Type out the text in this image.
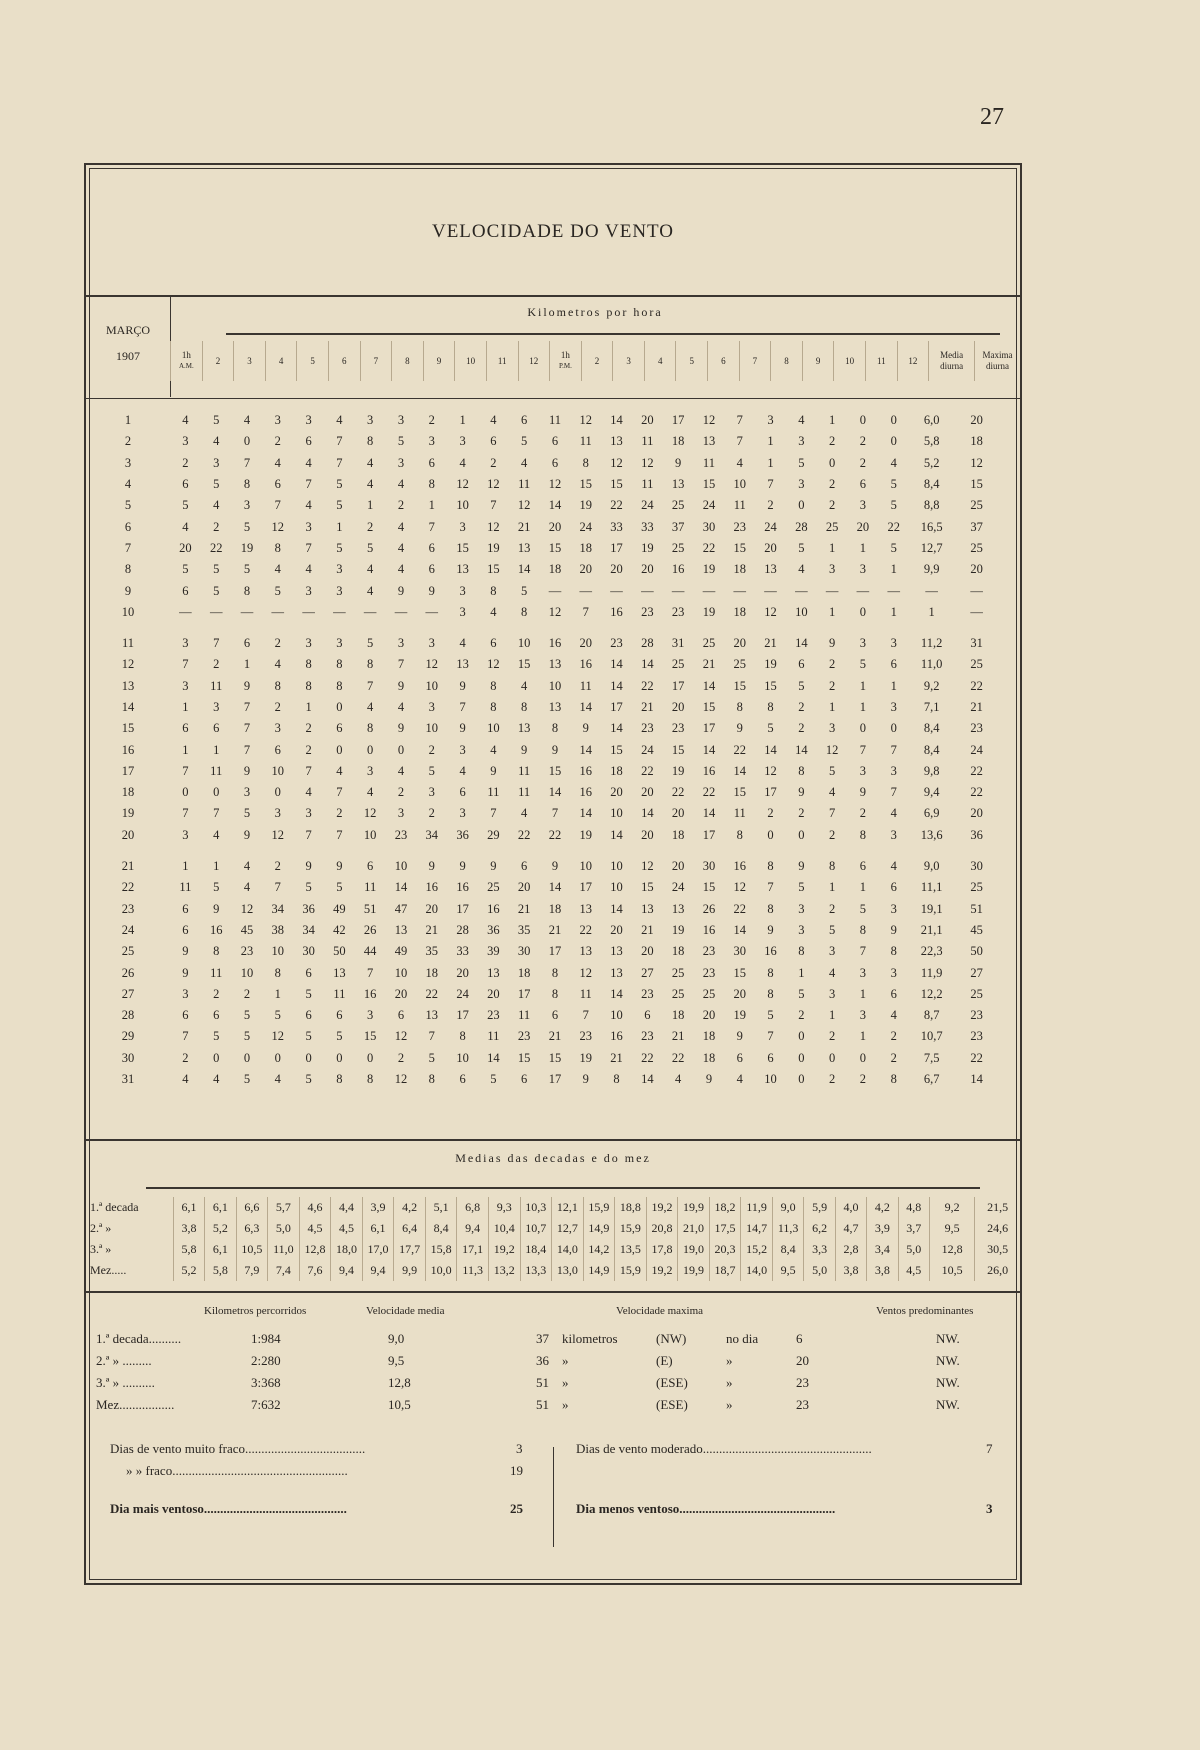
27
VELOCIDADE DO VENTO
MARÇO
1907
Kilometros por hora
1h
A.M.

2	3	4	5	6	7	8	9	10	11	12

1h
P.M.

2	3	4	5	6	7	8	9	10	11	12
	Media diurna	Maxima diurna
1	4	5	4	3	3	4	3	3	2	1	4	6	11	12	14	20	17	12	7	3	4	1	0	0	6,0	20
2	3	4	0	2	6	7	8	5	3	3	6	5	6	11	13	11	18	13	7	1	3	2	2	0	5,8	18
3	2	3	7	4	4	7	4	3	6	4	2	4	6	8	12	12	9	11	4	1	5	0	2	4	5,2	12
4	6	5	8	6	7	5	4	4	8	12	12	11	12	15	15	11	13	15	10	7	3	2	6	5	8,4	15
5	5	4	3	7	4	5	1	2	1	10	7	12	14	19	22	24	25	24	11	2	0	2	3	5	8,8	25
6	4	2	5	12	3	1	2	4	7	3	12	21	20	24	33	33	37	30	23	24	28	25	20	22	16,5	37
7	20	22	19	8	7	5	5	4	6	15	19	13	15	18	17	19	25	22	15	20	5	1	1	5	12,7	25
8	5	5	5	4	4	3	4	4	6	13	15	14	18	20	20	20	16	19	18	13	4	3	3	1	9,9	20
9	6	5	8	5	3	3	4	9	9	3	8	5	—	—	—	—	—	—	—	—	—	—	—	—	—	—
10	—	—	—	—	—	—	—	—	—	3	4	8	12	7	16	23	23	19	18	12	10	1	0	1	1	—

11	3	7	6	2	3	3	5	3	3	4	6	10	16	20	23	28	31	25	20	21	14	9	3	3	11,2	31
12	7	2	1	4	8	8	8	7	12	13	12	15	13	16	14	14	25	21	25	19	6	2	5	6	11,0	25
13	3	11	9	8	8	8	7	9	10	9	8	4	10	11	14	22	17	14	15	15	5	2	1	1	9,2	22
14	1	3	7	2	1	0	4	4	3	7	8	8	13	14	17	21	20	15	8	8	2	1	1	3	7,1	21
15	6	6	7	3	2	6	8	9	10	9	10	13	8	9	14	23	23	17	9	5	2	3	0	0	8,4	23
16	1	1	7	6	2	0	0	0	2	3	4	9	9	14	15	24	15	14	22	14	14	12	7	7	8,4	24
17	7	11	9	10	7	4	3	4	5	4	9	11	15	16	18	22	19	16	14	12	8	5	3	3	9,8	22
18	0	0	3	0	4	7	4	2	3	6	11	11	14	16	20	20	22	22	15	17	9	4	9	7	9,4	22
19	7	7	5	3	3	2	12	3	2	3	7	4	7	14	10	14	20	14	11	2	2	7	2	4	6,9	20
20	3	4	9	12	7	7	10	23	34	36	29	22	22	19	14	20	18	17	8	0	0	2	8	3	13,6	36

21	1	1	4	2	9	9	6	10	9	9	9	6	9	10	10	12	20	30	16	8	9	8	6	4	9,0	30
22	11	5	4	7	5	5	11	14	16	16	25	20	14	17	10	15	24	15	12	7	5	1	1	6	11,1	25
23	6	9	12	34	36	49	51	47	20	17	16	21	18	13	14	13	13	26	22	8	3	2	5	3	19,1	51
24	6	16	45	38	34	42	26	13	21	28	36	35	21	22	20	21	19	16	14	9	3	5	8	9	21,1	45
25	9	8	23	10	30	50	44	49	35	33	39	30	17	13	13	20	18	23	30	16	8	3	7	8	22,3	50
26	9	11	10	8	6	13	7	10	18	20	13	18	8	12	13	27	25	23	15	8	1	4	3	3	11,9	27
27	3	2	2	1	5	11	16	20	22	24	20	17	8	11	14	23	25	25	20	8	5	3	1	6	12,2	25
28	6	6	5	5	6	6	3	6	13	17	23	11	6	7	10	6	18	20	19	5	2	1	3	4	8,7	23
29	7	5	5	12	5	5	15	12	7	8	11	23	21	23	16	23	21	18	9	7	0	2	1	2	10,7	23
30	2	0	0	0	0	0	0	2	5	10	14	15	15	19	21	22	22	18	6	6	0	0	0	2	7,5	22
31	4	4	5	4	5	8	8	12	8	6	5	6	17	9	8	14	4	9	4	10	0	2	2	8	6,7	14
Medias das decadas e do mez
1.ª decada	6,1	6,1	6,6	5,7	4,6	4,4	3,9	4,2	5,1	6,8	9,3	10,3	12,1	15,9	18,8	19,2	19,9	18,2	11,9	9,0	5,9	4,0	4,2	4,8	9,2	21,5
2.ª »	3,8	5,2	6,3	5,0	4,5	4,5	6,1	6,4	8,4	9,4	10,4	10,7	12,7	14,9	15,9	20,8	21,0	17,5	14,7	11,3	6,2	4,7	3,9	3,7	9,5	24,6
3.ª »	5,8	6,1	10,5	11,0	12,8	18,0	17,0	17,7	15,8	17,1	19,2	18,4	14,0	14,2	13,5	17,8	19,0	20,3	15,2	8,4	3,3	2,8	3,4	5,0	12,8	30,5
Mez.....	5,2	5,8	7,9	7,4	7,6	9,4	9,4	9,9	10,0	11,3	13,2	13,3	13,0	14,9	15,9	19,2	19,9	18,7	14,0	9,5	5,0	3,8	3,8	4,5	10,5	26,0
Kilometros percorridos	Velocidade media	Velocidade maxima	Ventos predominantes
1.ª decada..........	1:984	9,0	37 kilometros	(NW)	no dia	6	NW.
2.ª » .........	2:280	9,5	36 »	(E)	»	20	NW.
3.ª » ..........	3:368	12,8	51 »	(ESE)	»	23	NW.
Mez.................	7:632	10,5	51 »	(ESE)	»	23	NW.
Dias de vento muito fraco.....................................	3
» » fraco......................................................	19
Dias de vento moderado....................................................	7
Dia mais ventoso............................................	25	Dia menos ventoso................................................	3
